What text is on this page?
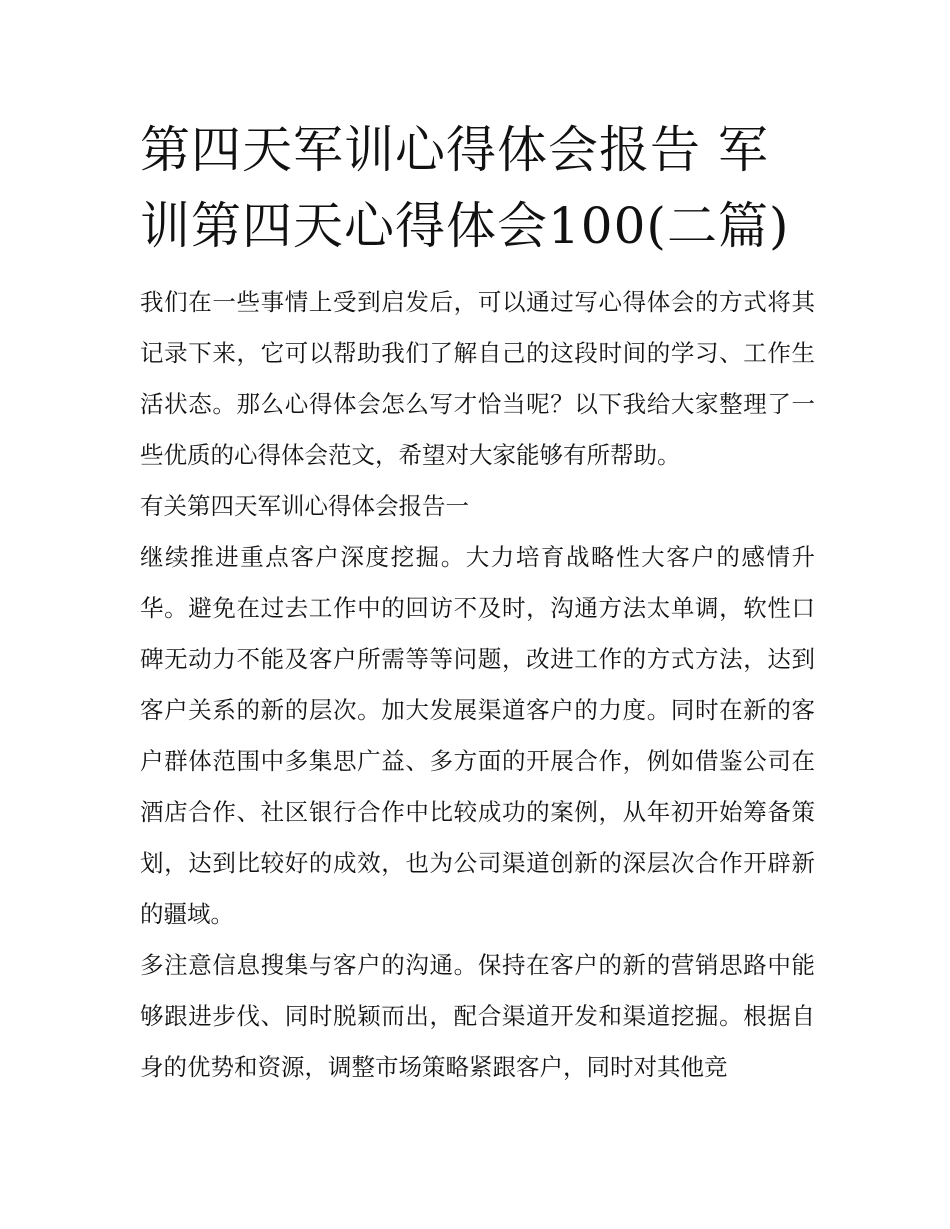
第四天军训心得体会报告 军训第四天心得体会100(二篇)

我们在一些事情上受到启发后，可以通过写心得体会的方式将其记录下来，它可以帮助我们了解自己的这段时间的学习、工作生活状态。那么心得体会怎么写才恰当呢？以下我给大家整理了一些优质的心得体会范文，希望对大家能够有所帮助。

有关第四天军训心得体会报告一

继续推进重点客户深度挖掘。大力培育战略性大客户的感情升华。避免在过去工作中的回访不及时，沟通方法太单调，软性口碑无动力不能及客户所需等等问题，改进工作的方式方法，达到客户关系的新的层次。加大发展渠道客户的力度。同时在新的客户群体范围中多集思广益、多方面的开展合作，例如借鉴公司在酒店合作、社区银行合作中比较成功的案例，从年初开始筹备策划，达到比较好的成效，也为公司渠道创新的深层次合作开辟新的疆域。

多注意信息搜集与客户的沟通。保持在客户的新的营销思路中能够跟进步伐、同时脱颖而出，配合渠道开发和渠道挖掘。根据自身的优势和资源，调整市场策略紧跟客户，同时对其他竞
